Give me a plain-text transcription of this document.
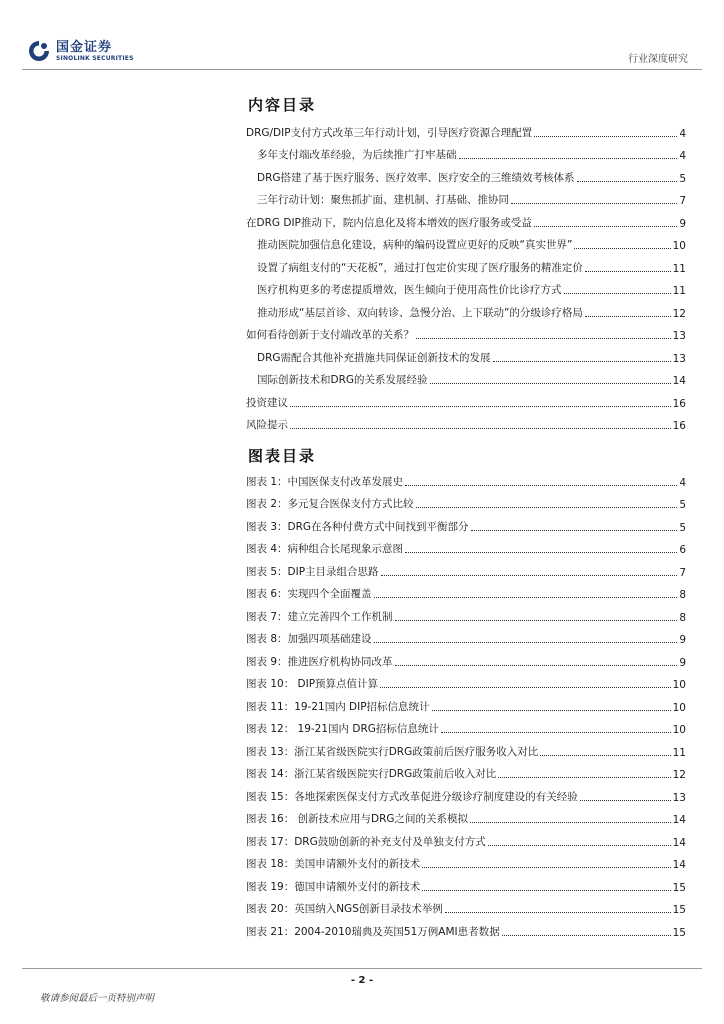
国金证券
SINOLINK SECURITIES	行业深度研究
内容目录
DRG/DIP支付方式改革三年行动计划，引导医疗资源合理配置	4
多年支付端改革经验，为后续推广打牢基础	4
DRG搭建了基于医疗服务、医疗效率、医疗安全的三维绩效考核体系	5
三年行动计划：聚焦抓扩面、建机制、打基础、推协同	7
在DRG DIP推动下，院内信息化及将本增效的医疗服务或受益	9
推动医院加强信息化建设，病种的编码设置应更好的反映“真实世界”	10
设置了病组支付的“天花板”，通过打包定价实现了医疗服务的精准定价	11
医疗机构更多的考虑提质增效，医生倾向于使用高性价比诊疗方式	11
推动形成“基层首诊、双向转诊、急慢分治、上下联动”的分级诊疗格局	12
如何看待创新于支付端改革的关系？	13
DRG需配合其他补充措施共同保证创新技术的发展	13
国际创新技术和DRG的关系发展经验	14
投资建议	16
风险提示	16
图表目录
图表 1：中国医保支付改革发展史	4
图表 2：多元复合医保支付方式比较	5
图表 3：DRG在各种付费方式中间找到平衡部分	5
图表 4：病种组合长尾现象示意图	6
图表 5：DIP主目录组合思路	7
图表 6：实现四个全面覆盖	8
图表 7：建立完善四个工作机制	8
图表 8：加强四项基础建设	9
图表 9：推进医疗机构协同改革	9
图表 10： DIP预算点值计算	10
图表 11：19-21国内 DIP招标信息统计	10
图表 12： 19-21国内 DRG招标信息统计	10
图表 13：浙江某省级医院实行DRG政策前后医疗服务收入对比	11
图表 14：浙江某省级医院实行DRG政策前后收入对比	12
图表 15：各地探索医保支付方式改革促进分级诊疗制度建设的有关经验	13
图表 16： 创新技术应用与DRG之间的关系模拟	14
图表 17：DRG鼓励创新的补充支付及单独支付方式	14
图表 18：美国申请额外支付的新技术	14
图表 19：德国申请额外支付的新技术	15
图表 20：英国纳入NGS创新目录技术举例	15
图表 21：2004-2010瑞典及英国51万例AMI患者数据	15
- 2 -
敬请参阅最后一页特别声明
